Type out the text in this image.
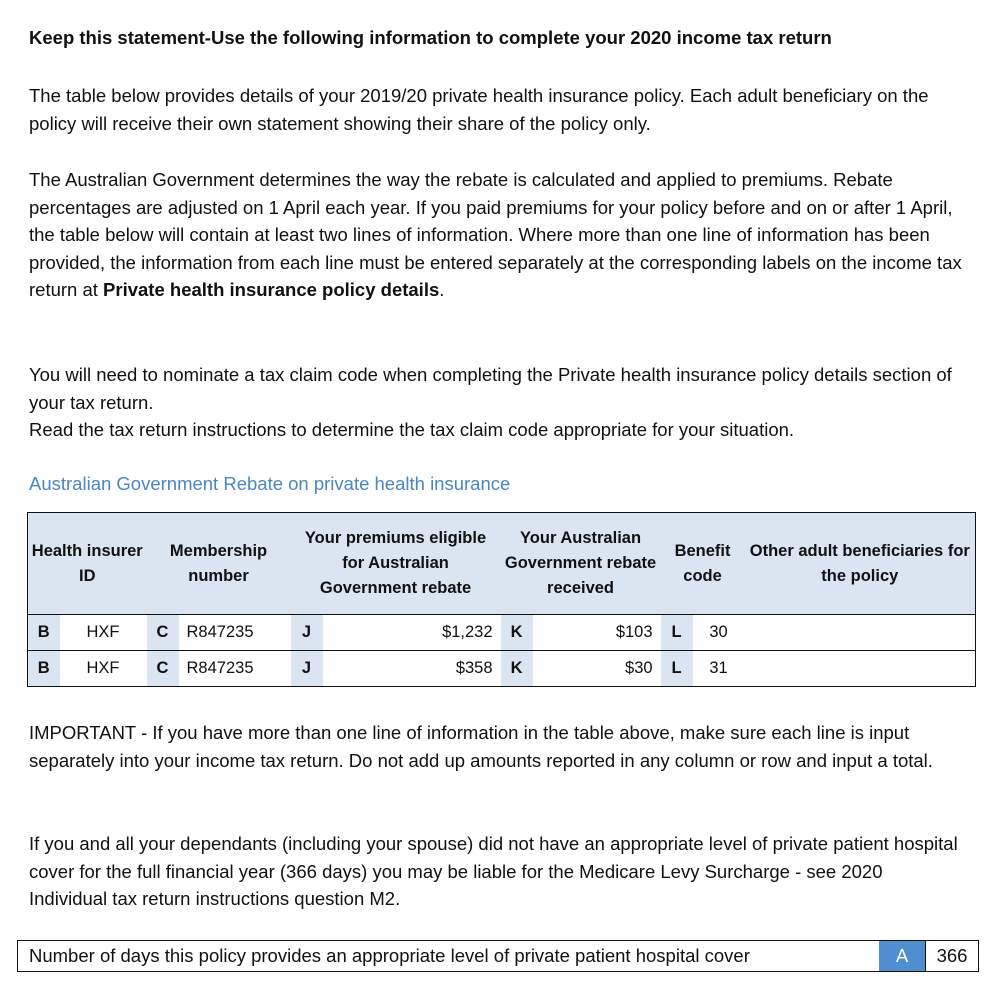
Keep this statement-Use the following information to complete your 2020 income tax return

The table below provides details of your 2019/20 private health insurance policy. Each adult beneficiary on the policy will receive their own statement showing their share of the policy only.

The Australian Government determines the way the rebate is calculated and applied to premiums. Rebate percentages are adjusted on 1 April each year. If you paid premiums for your policy before and on or after 1 April, the table below will contain at least two lines of information. Where more than one line of information has been provided, the information from each line must be entered separately at the corresponding labels on the income tax return at Private health insurance policy details.

You will need to nominate a tax claim code when completing the Private health insurance policy details section of your tax return.
Read the tax return instructions to determine the tax claim code appropriate for your situation.

Australian Government Rebate on private health insurance
Health insurer ID		Membership number		Your premiums eligible for Australian Government rebate		Your Australian Government rebate received		Benefit code		Other adult beneficiaries for the policy
B	HXF	C	R847235	J	$1,232	K	$103	L	30	
B	HXF	C	R847235	J	$358	K	$30	L	31	

IMPORTANT - If you have more than one line of information in the table above, make sure each line is input separately into your income tax return. Do not add up amounts reported in any column or row and input a total.

If you and all your dependants (including your spouse) did not have an appropriate level of private patient hospital cover for the full financial year (366 days) you may be liable for the Medicare Levy Surcharge - see 2020 Individual tax return instructions question M2.

Number of days this policy provides an appropriate level of private patient hospital cover	A	366
